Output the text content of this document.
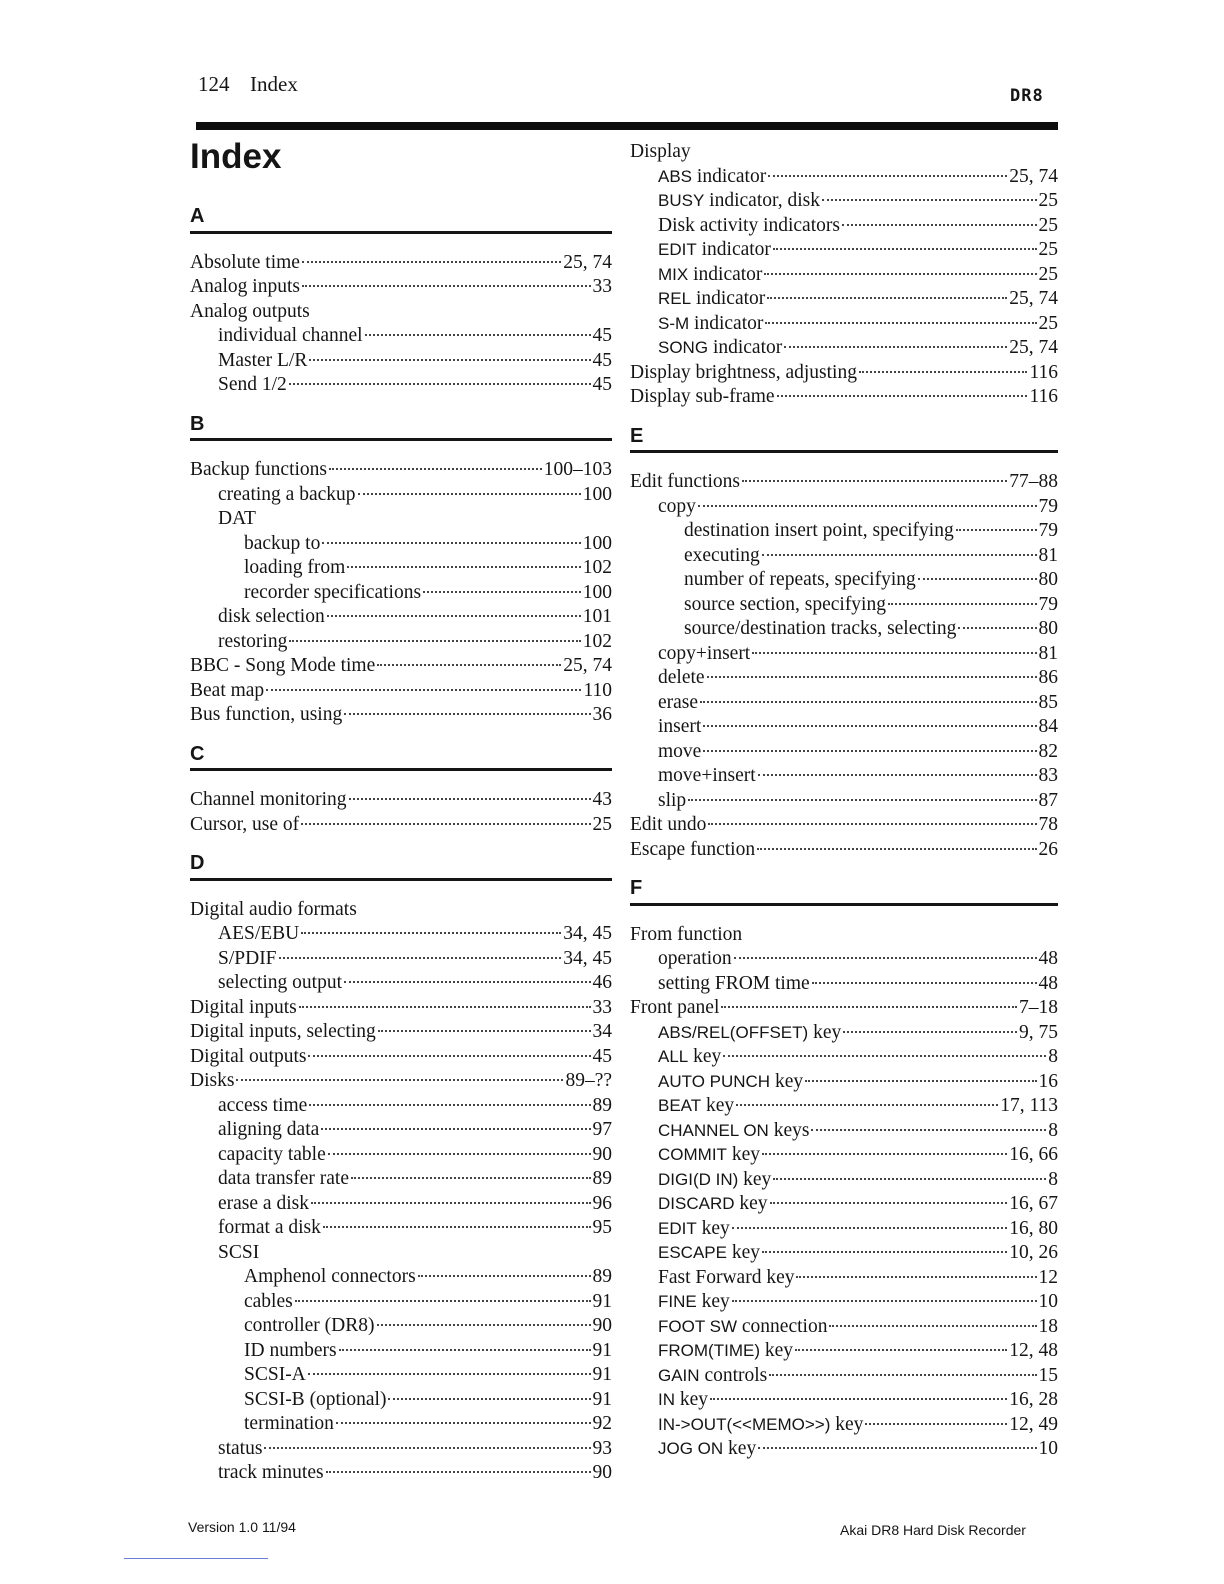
124 Index	DR8
Index
A
Absolute time	25, 74
Analog inputs	33
Analog outputs
individual channel	45
Master L/R	45
Send 1/2	45
B
Backup functions	100–103
creating a backup	100
DAT
backup to	100
loading from	102
recorder specifications	100
disk selection	101
restoring	102
BBC - Song Mode time	25, 74
Beat map	110
Bus function, using	36
C
Channel monitoring	43
Cursor, use of	25
D
Digital audio formats
AES/EBU	34, 45
S/PDIF	34, 45
selecting output	46
Digital inputs	33
Digital inputs, selecting	34
Digital outputs	45
Disks	89–??
access time	89
aligning data	97
capacity table	90
data transfer rate	89
erase a disk	96
format a disk	95
SCSI
Amphenol connectors	89
cables	91
controller (DR8)	90
ID numbers	91
SCSI-A	91
SCSI-B (optional)	91
termination	92
status	93
track minutes	90
Display
ABS indicator	25, 74
BUSY indicator, disk	25
Disk activity indicators	25
EDIT indicator	25
MIX indicator	25
REL indicator	25, 74
S-M indicator	25
SONG indicator	25, 74
Display brightness, adjusting	116
Display sub-frame	116
E
Edit functions	77–88
copy	79
destination insert point, specifying	79
executing	81
number of repeats, specifying	80
source section, specifying	79
source/destination tracks, selecting	80
copy+insert	81
delete	86
erase	85
insert	84
move	82
move+insert	83
slip	87
Edit undo	78
Escape function	26
F
From function
operation	48
setting FROM time	48
Front panel	7–18
ABS/REL(OFFSET) key	9, 75
ALL key	8
AUTO PUNCH key	16
BEAT key	17, 113
CHANNEL ON keys	8
COMMIT key	16, 66
DIGI(D IN) key	8
DISCARD key	16, 67
EDIT key	16, 80
ESCAPE key	10, 26
Fast Forward key	12
FINE key	10
FOOT SW connection	18
FROM(TIME) key	12, 48
GAIN controls	15
IN key	16, 28
IN->OUT(<<MEMO>>) key	12, 49
JOG ON key	10
Version 1.0 11/94	Akai DR8 Hard Disk Recorder
